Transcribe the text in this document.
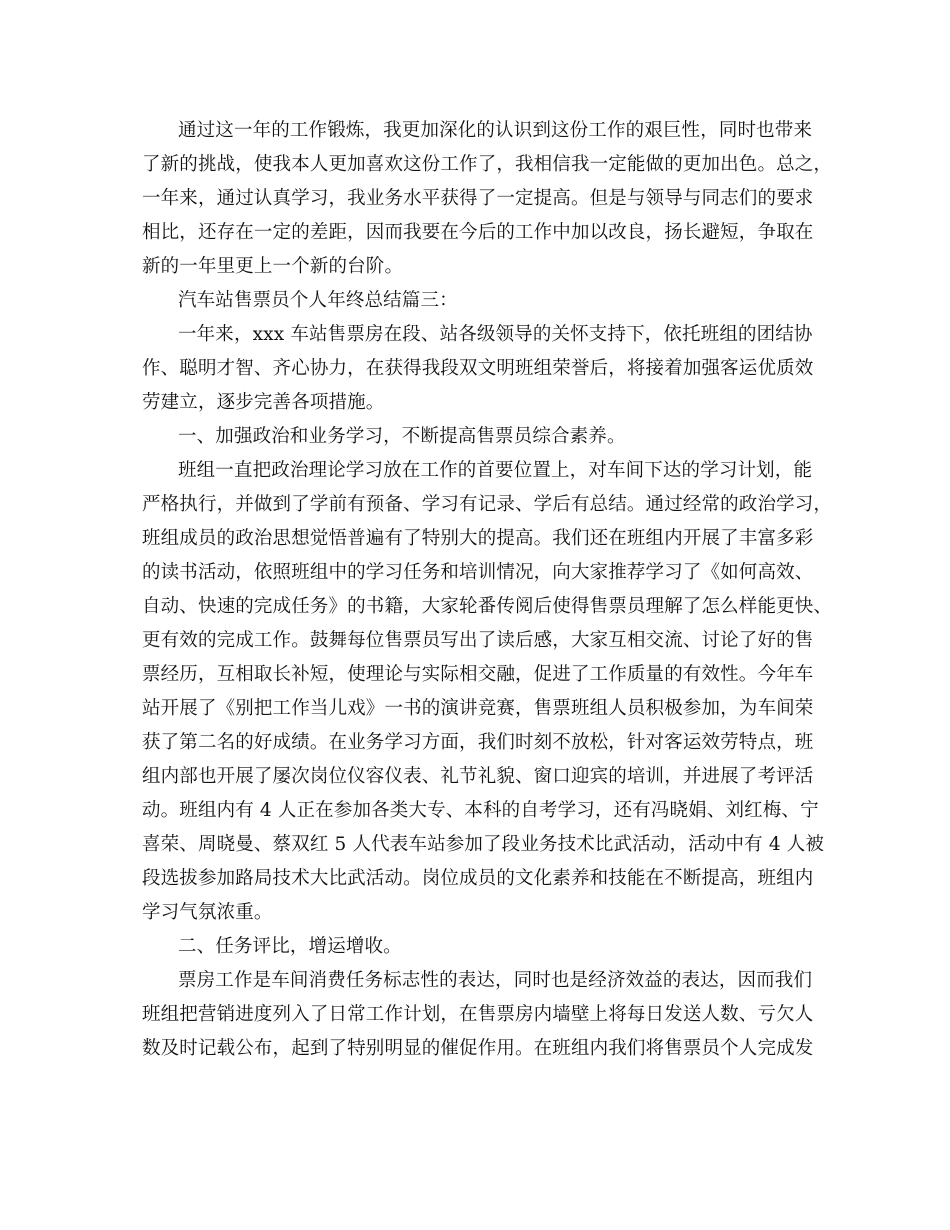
通过这一年的工作锻炼，我更加深化的认识到这份工作的艰巨性，同时也带来
了新的挑战，使我本人更加喜欢这份工作了，我相信我一定能做的更加出色。总之，
一年来，通过认真学习，我业务水平获得了一定提高。但是与领导与同志们的要求
相比，还存在一定的差距，因而我要在今后的工作中加以改良，扬长避短，争取在
新的一年里更上一个新的台阶。
汽车站售票员个人年终总结篇三：
一年来，xxx 车站售票房在段、站各级领导的关怀支持下，依托班组的团结协
作、聪明才智、齐心协力，在获得我段双文明班组荣誉后，将接着加强客运优质效
劳建立，逐步完善各项措施。
一、加强政治和业务学习，不断提高售票员综合素养。
班组一直把政治理论学习放在工作的首要位置上，对车间下达的学习计划，能
严格执行，并做到了学前有预备、学习有记录、学后有总结。通过经常的政治学习，
班组成员的政治思想觉悟普遍有了特别大的提高。我们还在班组内开展了丰富多彩
的读书活动，依照班组中的学习任务和培训情况，向大家推荐学习了《如何高效、
自动、快速的完成任务》的书籍，大家轮番传阅后使得售票员理解了怎么样能更快、
更有效的完成工作。鼓舞每位售票员写出了读后感，大家互相交流、讨论了好的售
票经历，互相取长补短，使理论与实际相交融，促进了工作质量的有效性。今年车
站开展了《别把工作当儿戏》一书的演讲竞赛，售票班组人员积极参加，为车间荣
获了第二名的好成绩。在业务学习方面，我们时刻不放松，针对客运效劳特点，班
组内部也开展了屡次岗位仪容仪表、礼节礼貌、窗口迎宾的培训，并进展了考评活
动。班组内有 4 人正在参加各类大专、本科的自考学习，还有冯晓娟、刘红梅、宁
喜荣、周晓曼、蔡双红 5 人代表车站参加了段业务技术比武活动，活动中有 4 人被
段选拔参加路局技术大比武活动。岗位成员的文化素养和技能在不断提高，班组内
学习气氛浓重。
二、任务评比，增运增收。
票房工作是车间消费任务标志性的表达，同时也是经济效益的表达，因而我们
班组把营销进度列入了日常工作计划，在售票房内墙壁上将每日发送人数、亏欠人
数及时记载公布，起到了特别明显的催促作用。在班组内我们将售票员个人完成发
